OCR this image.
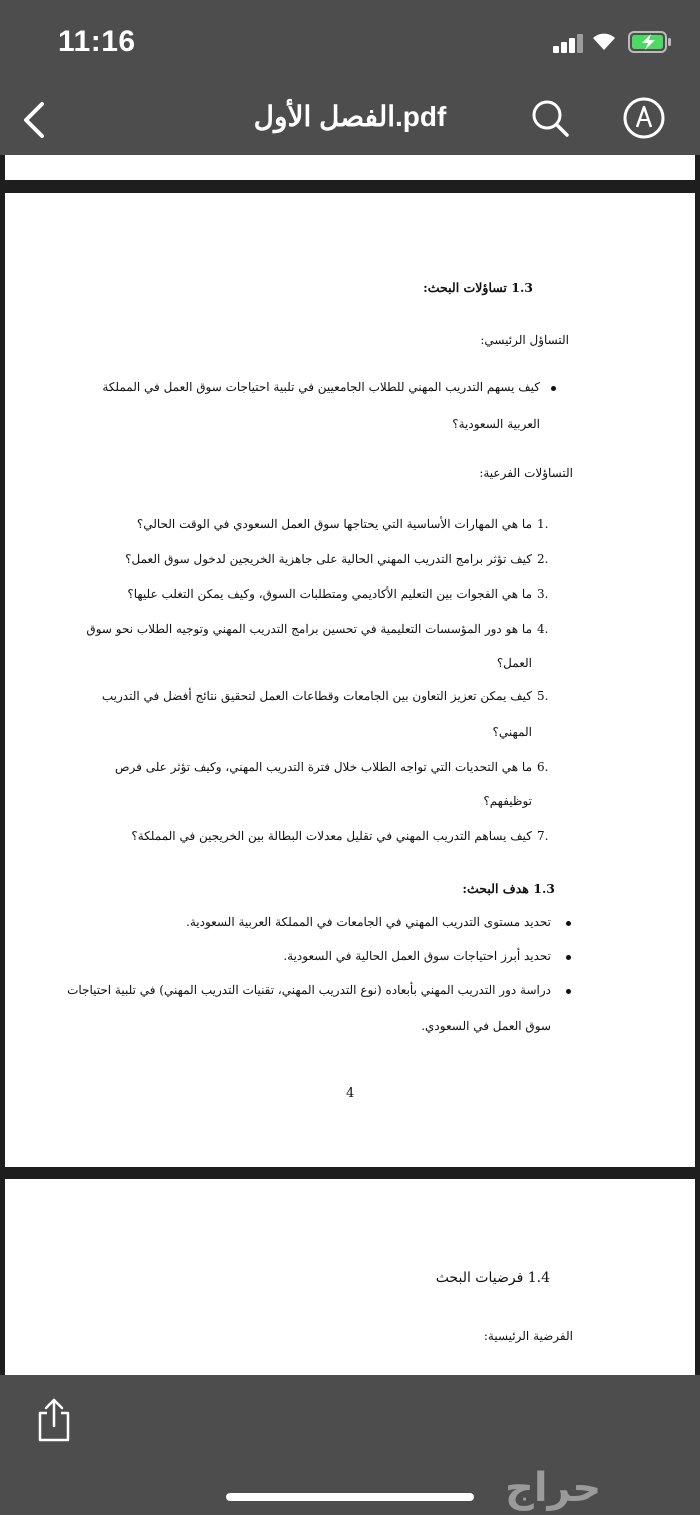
11:16
الفصل الأول.pdf
1.3 تساؤلات البحث:
التساؤل الرئيسي:
كيف يسهم التدريب المهني للطلاب الجامعيين في تلبية احتياجات سوق العمل في المملكة
العربية السعودية؟
التساؤلات الفرعية:
1.
ما هي المهارات الأساسية التي يحتاجها سوق العمل السعودي في الوقت الحالي؟
2.
كيف تؤثر برامج التدريب المهني الحالية على جاهزية الخريجين لدخول سوق العمل؟
3.
ما هي الفجوات بين التعليم الأكاديمي ومتطلبات السوق، وكيف يمكن التغلب عليها؟
4.
ما هو دور المؤسسات التعليمية في تحسين برامج التدريب المهني وتوجيه الطلاب نحو سوق
العمل؟
5.
كيف يمكن تعزيز التعاون بين الجامعات وقطاعات العمل لتحقيق نتائج أفضل في التدريب
المهني؟
6.
ما هي التحديات التي تواجه الطلاب خلال فترة التدريب المهني، وكيف تؤثر على فرص
توظيفهم؟
7.
كيف يساهم التدريب المهني في تقليل معدلات البطالة بين الخريجين في المملكة؟
1.3 هدف البحث:
تحديد مستوى التدريب المهني في الجامعات في المملكة العربية السعودية.
تحديد أبرز احتياجات سوق العمل الحالية في السعودية.
دراسة دور التدريب المهني بأبعاده (نوع التدريب المهني، تقنيات التدريب المهني) في تلبية احتياجات
سوق العمل في السعودي.
4
1.4 فرضيات البحث
الفرضية الرئيسية:
حراج
